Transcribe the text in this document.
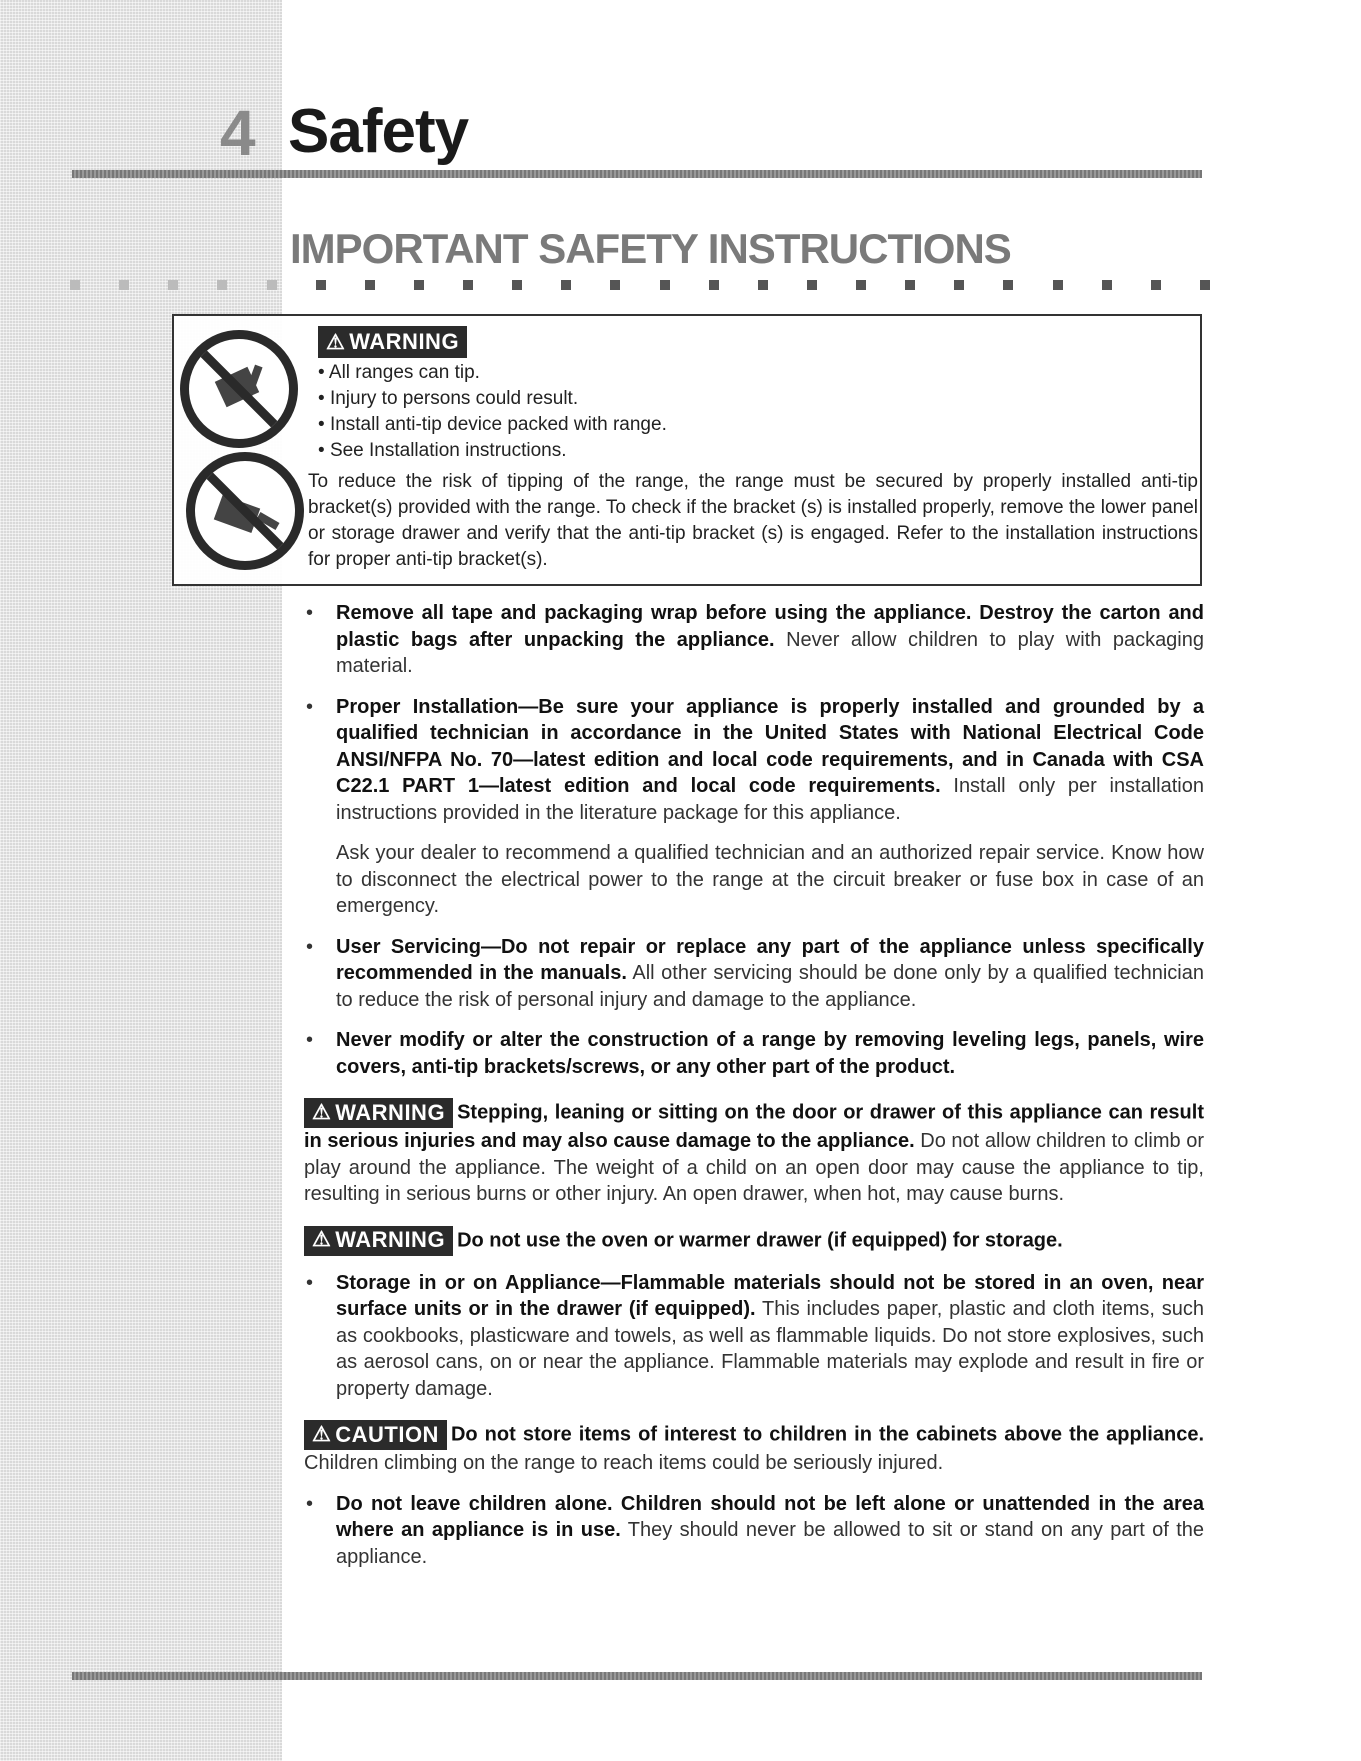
4 Safety
IMPORTANT SAFETY INSTRUCTIONS
⚠ WARNING
• All ranges can tip.
• Injury to persons could result.
• Install anti-tip device packed with range.
• See Installation instructions.
To reduce the risk of tipping of the range, the range must be secured by properly installed anti-tip bracket(s) provided with the range. To check if the bracket (s) is installed properly, remove the lower panel or storage drawer and verify that the anti-tip bracket (s) is engaged. Refer to the installation instructions for proper anti-tip bracket(s).

• Remove all tape and packaging wrap before using the appliance. Destroy the carton and plastic bags after unpacking the appliance. Never allow children to play with packaging material.

• Proper Installation—Be sure your appliance is properly installed and grounded by a qualified technician in accordance in the United States with National Electrical Code ANSI/NFPA No. 70—latest edition and local code requirements, and in Canada with CSA C22.1 PART 1—latest edition and local code requirements. Install only per installation instructions provided in the literature package for this appliance.

Ask your dealer to recommend a qualified technician and an authorized repair service. Know how to disconnect the electrical power to the range at the circuit breaker or fuse box in case of an emergency.

• User Servicing—Do not repair or replace any part of the appliance unless specifically recommended in the manuals. All other servicing should be done only by a qualified technician to reduce the risk of personal injury and damage to the appliance.

• Never modify or alter the construction of a range by removing leveling legs, panels, wire covers, anti-tip brackets/screws, or any other part of the product.

⚠ WARNING Stepping, leaning or sitting on the door or drawer of this appliance can result in serious injuries and may also cause damage to the appliance. Do not allow children to climb or play around the appliance. The weight of a child on an open door may cause the appliance to tip, resulting in serious burns or other injury. An open drawer, when hot, may cause burns.

⚠ WARNING Do not use the oven or warmer drawer (if equipped) for storage.

• Storage in or on Appliance—Flammable materials should not be stored in an oven, near surface units or in the drawer (if equipped). This includes paper, plastic and cloth items, such as cookbooks, plasticware and towels, as well as flammable liquids. Do not store explosives, such as aerosol cans, on or near the appliance. Flammable materials may explode and result in fire or property damage.

⚠ CAUTION Do not store items of interest to children in the cabinets above the appliance. Children climbing on the range to reach items could be seriously injured.

• Do not leave children alone. Children should not be left alone or unattended in the area where an appliance is in use. They should never be allowed to sit or stand on any part of the appliance.
